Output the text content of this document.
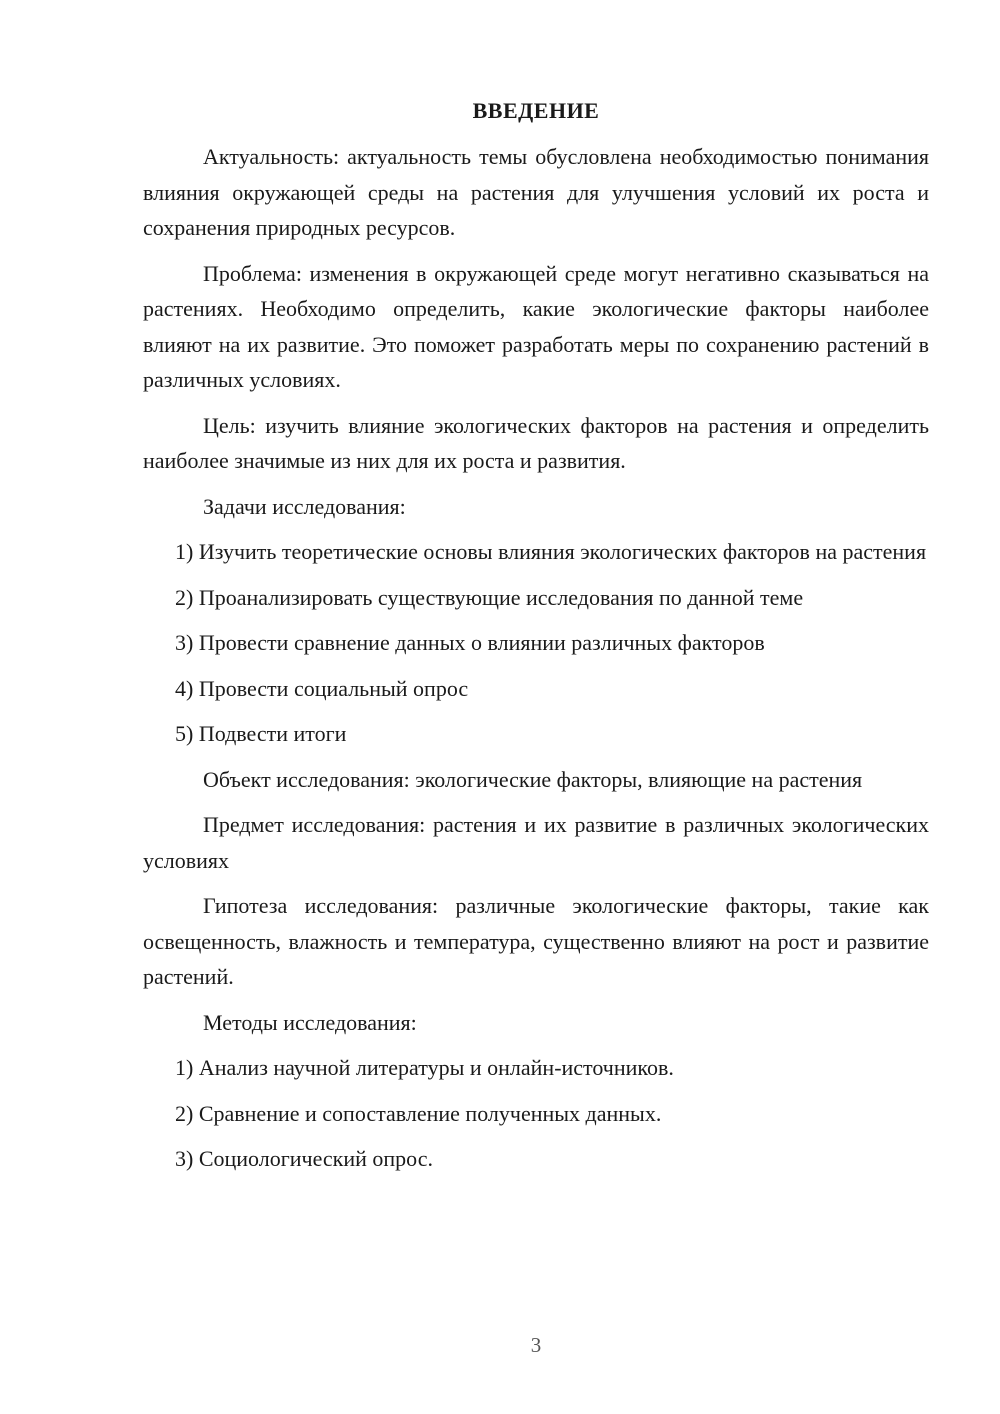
ВВЕДЕНИЕ

Актуальность: актуальность темы обусловлена необходимостью понимания влияния окружающей среды на растения для улучшения условий их роста и сохранения природных ресурсов.

Проблема: изменения в окружающей среде могут негативно сказываться на растениях. Необходимо определить, какие экологические факторы наиболее влияют на их развитие. Это поможет разработать меры по сохранению растений в различных условиях.

Цель: изучить влияние экологических факторов на растения и определить наиболее значимые из них для их роста и развития.

Задачи исследования:

1) Изучить теоретические основы влияния экологических факторов на растения

2) Проанализировать существующие исследования по данной теме

3) Провести сравнение данных о влиянии различных факторов

4) Провести социальный опрос

5) Подвести итоги

Объект исследования: экологические факторы, влияющие на растения

Предмет исследования: растения и их развитие в различных экологических условиях

Гипотеза исследования: различные экологические факторы, такие как освещенность, влажность и температура, существенно влияют на рост и развитие растений.

Методы исследования:

1) Анализ научной литературы и онлайн-источников.

2) Сравнение и сопоставление полученных данных.

3) Социологический опрос.

3
